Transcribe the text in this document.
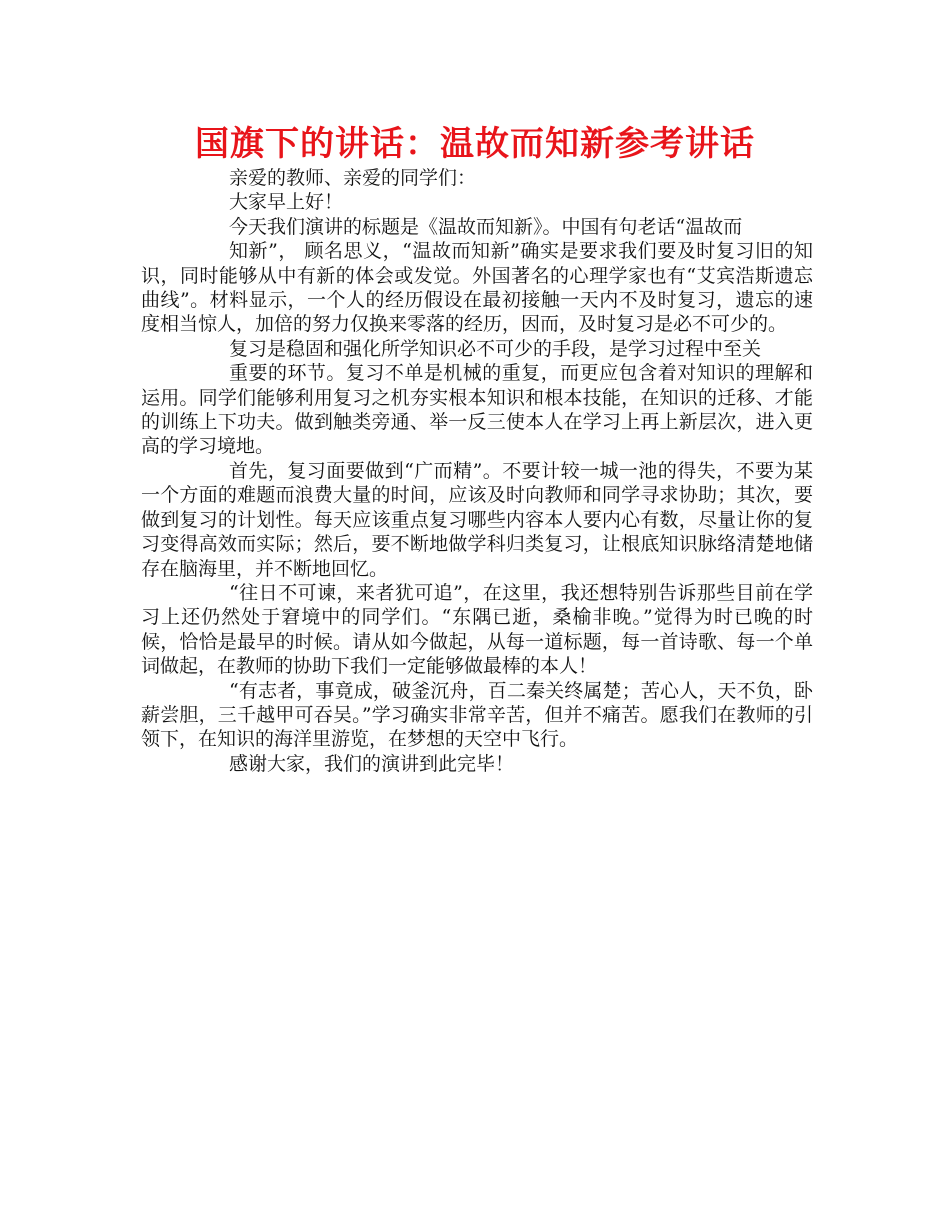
国旗下的讲话：温故而知新参考讲话

亲爱的教师、亲爱的同学们：

大家早上好！

今天我们演讲的标题是《温故而知新》。中国有句老话“温故而

知新”， 顾名思义，“温故而知新”确实是要求我们要及时复习旧的知识，同时能够从中有新的体会或发觉。外国著名的心理学家也有“艾宾浩斯遗忘曲线”。材料显示，一个人的经历假设在最初接触一天内不及时复习，遗忘的速度相当惊人，加倍的努力仅换来零落的经历，因而，及时复习是必不可少的。

复习是稳固和强化所学知识必不可少的手段，是学习过程中至关

重要的环节。复习不单是机械的重复，而更应包含着对知识的理解和运用。同学们能够利用复习之机夯实根本知识和根本技能，在知识的迁移、才能的训练上下功夫。做到触类旁通、举一反三使本人在学习上再上新层次，进入更高的学习境地。

首先，复习面要做到“广而精”。不要计较一城一池的得失，不要为某一个方面的难题而浪费大量的时间，应该及时向教师和同学寻求协助；其次，要做到复习的计划性。每天应该重点复习哪些内容本人要内心有数，尽量让你的复习变得高效而实际；然后，要不断地做学科归类复习，让根底知识脉络清楚地储存在脑海里，并不断地回忆。

“往日不可谏，来者犹可追”，在这里，我还想特别告诉那些目前在学习上还仍然处于窘境中的同学们。“东隅已逝，桑榆非晚。”觉得为时已晚的时候，恰恰是最早的时候。请从如今做起，从每一道标题，每一首诗歌、每一个单词做起，在教师的协助下我们一定能够做最棒的本人！

“有志者，事竟成，破釜沉舟，百二秦关终属楚；苦心人，天不负，卧薪尝胆，三千越甲可吞吴。”学习确实非常辛苦，但并不痛苦。愿我们在教师的引领下，在知识的海洋里游览，在梦想的天空中飞行。

感谢大家，我们的演讲到此完毕！
